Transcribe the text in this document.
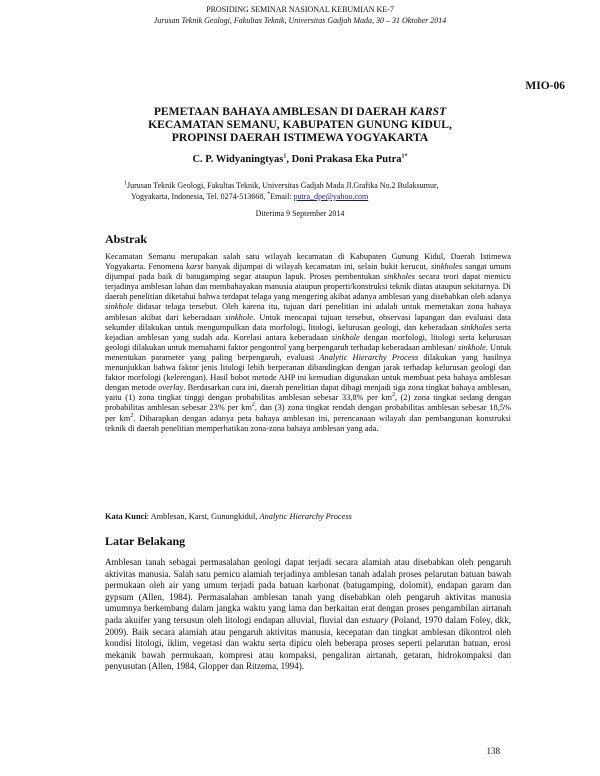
PROSIDING SEMINAR NASIONAL KEBUMIAN KE-7
Jurusan Teknik Geologi, Fakultas Teknik, Universitas Gadjah Mada, 30 – 31 Oktober 2014
MIO-06
PEMETAAN BAHAYA AMBLESAN DI DAERAH KARST
KECAMATAN SEMANU, KABUPATEN GUNUNG KIDUL,
PROPINSI DAERAH ISTIMEWA YOGYAKARTA
C. P. Widyaningtyas$^1$, Doni Prakasa Eka Putra$^{1*}$
$^1$Jurusan Teknik Geologi, Fakultas Teknik, Universitas Gadjah Mada Jl.Grafika No.2 Bulaksumur,
Yogyakarta, Indonesia, Tel. 0274-513668, *Email: putra_dpe@yahoo.com
Diterima 9 September 2014
Abstrak
Kecamatan Semanu merupakan salah satu wilayah kecamatan di Kabupaten Gunung Kidul, Daerah Istimewa Yogyakarta. Fenomena karst banyak dijumpai di wilayah kecamatan ini, selain bukit kerucut, sinkholes sangat umum dijumpai pada baik di batugamping segar ataupun lapuk. Proses pembentukan sinkholes secara teori dapat memicu terjadinya amblesan lahan dan membahayakan manusia ataupun properti/konstruksi teknik diatas ataupun sekitarnya. Di daerah penelitian diketahui bahwa terdapat telaga yang mengering akibat adanya amblesan yang disebabkan oleh adanya sinkhole didasar telaga tersebut. Oleh karena itu, tujuan dari penelitian ini adalah untuk memetakan zona bahaya amblesan akibat dari keberadaan sinkhole. Untuk mencapai tujuan tersebut, observasi lapangan dan evaluasi data sekunder dilakukan untuk mengumpulkan data morfologi, litologi, kelurusan geologi, dan keberadaan sinkholes serta kejadian amblesan yang sudah ada. Korelasi antara keberadaan sinkhole dengan morfologi, litologi serta kelurusan geologi dilakukan untuk memahami faktor pengontrol yang berpengaruh terhadap keberadaan amblesan/ sinkhole. Untuk menentukan parameter yang paling berpengaruh, evaluasi Analytic Hierarchy Process dilakukan yang hasilnya menunjukkan bahwa faktor jenis litologi lebih berperanan dibandingkan dengan jarak terhadap kelurusan geologi dan faktor morfologi (kelerengan). Hasil bobot metode AHP ini kemudian digunakan untuk membuat peta bahaya amblesan dengan metode overlay. Berdasarkan cara ini, daerah penelitian dapat dibagi menjadi tiga zona tingkat bahaya amblesan, yaitu (1) zona tingkat tinggi dengan probabilitas amblesan sebesar 33,8% per $km^2$, (2) zona tingkat sedang dengan probabilitas amblesan sebesar 23% per $km^2$, dan (3) zona tingkat rendah dengan probabilitas amblesan sebesar 18,5% per $km^2$. Diharapkan dengan adanya peta bahaya amblesan ini, perencanaan wilayah dan pembangunan konstruksi teknik di daerah penelitian memperhatikan zona-zona bahaya amblesan yang ada.
Kata Kunci: Amblesan, Karst, Gunungkidul, Analytic Hierarchy Process
Latar Belakang
Amblesan tanah sebagai permasalahan geologi dapat terjadi secara alamiah atau disebabkan oleh pengaruh aktivitas manusia. Salah satu pemicu alamiah terjadinya amblesan tanah adalah proses pelarutan batuan bawah permukaan oleh air yang umum terjadi pada batuan karbonat (batugamping, dolomit), endapan garam dan gypsum (Allen, 1984). Permasalahan amblesan tanah yang disebabkan oleh pengaruh aktivitas manusia umumnya berkembang dalam jangka waktu yang lama dan berkaitan erat dengan proses pengambilan airtanah pada akuifer yang tersusun oleh litologi endapan alluvial, fluvial dan estuary (Poland, 1970 dalam Foley, dkk, 2009). Baik secara alamiah atau pengaruh aktivitas manusia, kecepatan dan tingkat amblesan dikontrol oleh kondisi litologi, iklim, vegetasi dan waktu serta dipicu oleh beberapa proses seperti pelarutan batuan, erosi mekanik bawah permukaan, kompresi atau kompaksi, pengaliran airtanah, getaran, hidrokompaksi dan penyusutan (Allen, 1984, Glopper dan Ritzema, 1994).
138
